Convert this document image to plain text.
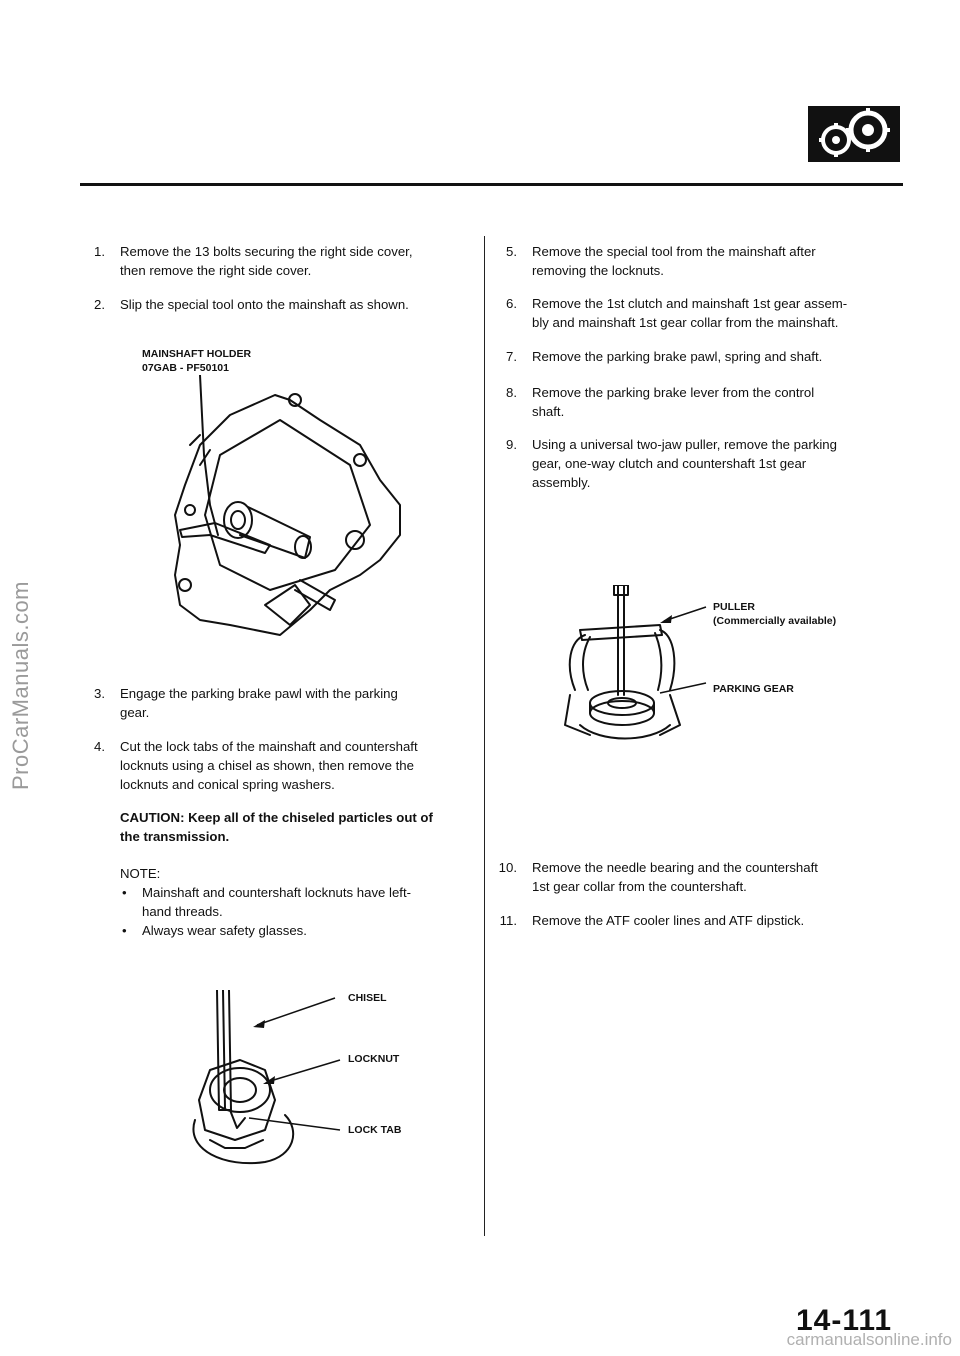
ProCarManuals.com
carmanualsonline.info
1. Remove the 13 bolts securing the right side cover,
then remove the right side cover.
2. Slip the special tool onto the mainshaft as shown.
MAINSHAFT HOLDER
07GAB - PF50101
3. Engage the parking brake pawl with the parking
gear.
4. Cut the lock tabs of the mainshaft and countershaft
locknuts using a chisel as shown, then remove the
locknuts and conical spring washers.
CAUTION: Keep all of the chiseled particles out of
the transmission.
NOTE:
• Mainshaft and countershaft locknuts have left-
hand threads.
• Always wear safety glasses.
CHISEL
LOCKNUT
LOCK TAB
5. Remove the special tool from the mainshaft after
removing the locknuts.
6. Remove the 1st clutch and mainshaft 1st gear assem-
bly and mainshaft 1st gear collar from the mainshaft.
7. Remove the parking brake pawl, spring and shaft.
8. Remove the parking brake lever from the control
shaft.
9. Using a universal two-jaw puller, remove the parking
gear, one-way clutch and countershaft 1st gear
assembly.
PULLER
(Commercially available)
PARKING GEAR
10. Remove the needle bearing and the countershaft
1st gear collar from the countershaft.
11. Remove the ATF cooler lines and ATF dipstick.
14-111
